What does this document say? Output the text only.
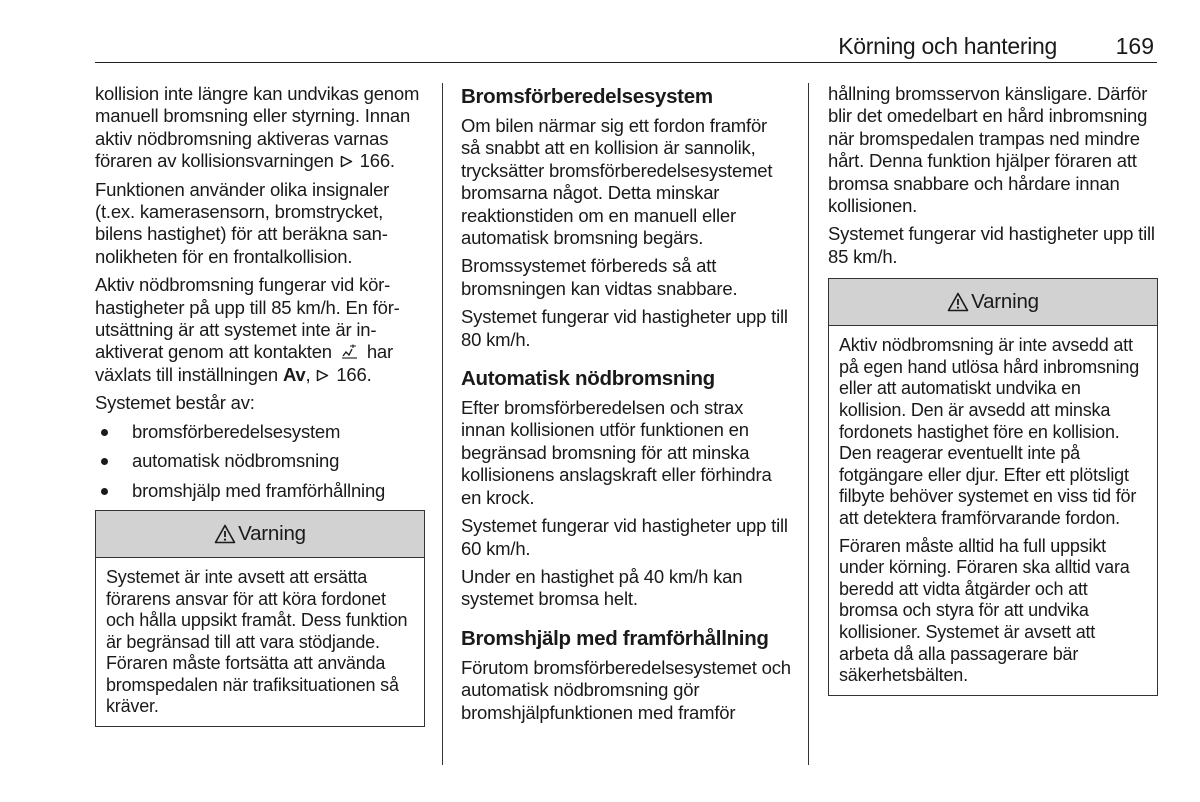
Körning och hantering	169

kollision inte längre kan undvikas genom manuell bromsning eller styrning. Innan aktiv nödbromsning aktiveras varnas föraren av kollisionsvarningen 166.

Funktionen använder olika insignaler (t.ex. kamerasensorn, bromstrycket, bilens hastighet) för att beräkna sannolikheten för en frontalkollision.

Aktiv nödbromsning fungerar vid körhastigheter på upp till 85 km/h. En förutsättning är att systemet inte är inaktiverat genom att kontakten har växlats till inställningen Av,  166.

Systemet består av:

bromsförberedelsesystem
automatisk nödbromsning
bromshjälp med framförhållning
Varning

Systemet är inte avsett att ersätta förarens ansvar för att köra fordonet och hålla uppsikt framåt. Dess funktion är begränsad till att vara stödjande. Föraren måste fortsätta att använda bromspedalen när trafiksituationen så kräver.

Bromsförberedelsesystem

Om bilen närmar sig ett fordon framför så snabbt att en kollision är sannolik, trycksätter bromsförberedelsesystemet bromsarna något. Detta minskar reaktionstiden om en manuell eller automatisk bromsning begärs.

Bromssystemet förbereds så att bromsningen kan vidtas snabbare.

Systemet fungerar vid hastigheter upp till 80 km/h.

Automatisk nödbromsning

Efter bromsförberedelsen och strax innan kollisionen utför funktionen en begränsad bromsning för att minska kollisionens anslagskraft eller förhindra en krock.

Systemet fungerar vid hastigheter upp till 60 km/h.

Under en hastighet på 40 km/h kan systemet bromsa helt.

Bromshjälp med framförhållning

Förutom bromsförberedelsesystemet och automatisk nödbromsning gör bromshjälpfunktionen med framför

hållning bromsservon känsligare. Därför blir det omedelbart en hård inbromsning när bromspedalen trampas ned mindre hårt. Denna funktion hjälper föraren att bromsa snabbare och hårdare innan kollisionen.

Systemet fungerar vid hastigheter upp till 85 km/h.

Varning

Aktiv nödbromsning är inte avsedd att på egen hand utlösa hård inbromsning eller att automatiskt undvika en kollision. Den är avsedd att minska fordonets hastighet före en kollision. Den reagerar eventuellt inte på fotgängare eller djur. Efter ett plötsligt filbyte behöver systemet en viss tid för att detektera framförvarande fordon.

Föraren måste alltid ha full uppsikt under körning. Föraren ska alltid vara beredd att vidta åtgärder och att bromsa och styra för att undvika kollisioner. Systemet är avsett att arbeta då alla passagerare bär säkerhetsbälten.
